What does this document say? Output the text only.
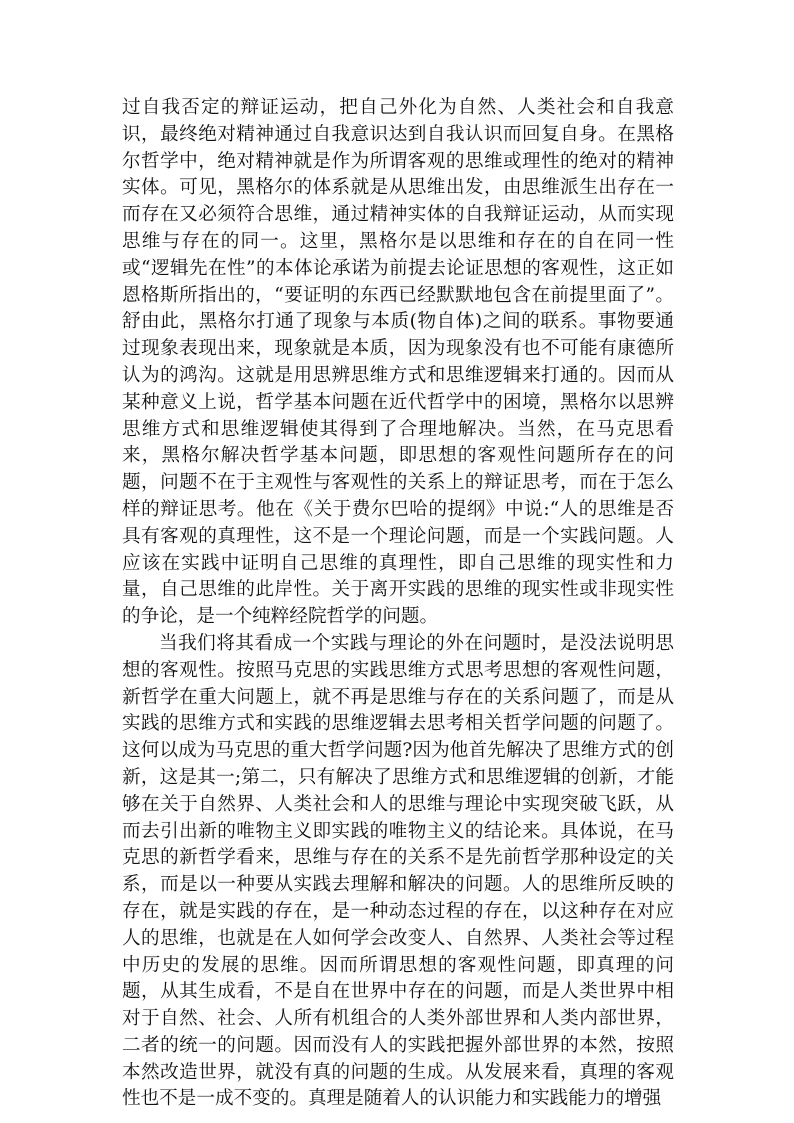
过自我否定的辩证运动，把自己外化为自然、人类社会和自我意识，最终绝对精神通过自我意识达到自我认识而回复自身。在黑格尔哲学中，绝对精神就是作为所谓客观的思维或理性的绝对的精神实体。可见，黑格尔的体系就是从思维出发，由思维派生出存在一而存在又必须符合思维，通过精神实体的自我辩证运动，从而实现思维与存在的同一。这里，黑格尔是以思维和存在的自在同一性或“逻辑先在性”的本体论承诺为前提去论证思想的客观性，这正如恩格斯所指出的，“要证明的东西已经默默地包含在前提里面了”。舒由此，黑格尔打通了现象与本质(物自体)之间的联系。事物要通过现象表现出来，现象就是本质，因为现象没有也不可能有康德所认为的鸿沟。这就是用思辨思维方式和思维逻辑来打通的。因而从某种意义上说，哲学基本问题在近代哲学中的困境，黑格尔以思辨思维方式和思维逻辑使其得到了合理地解决。当然，在马克思看来，黑格尔解决哲学基本问题，即思想的客观性问题所存在的问题，问题不在于主观性与客观性的关系上的辩证思考，而在于怎么样的辩证思考。他在《关于费尔巴哈的提纲》中说:“人的思维是否具有客观的真理性，这不是一个理论问题，而是一个实践问题。人应该在实践中证明自己思维的真理性，即自己思维的现实性和力量，自己思维的此岸性。关于离开实践的思维的现实性或非现实性的争论，是一个纯粹经院哲学的问题。

当我们将其看成一个实践与理论的外在问题时，是没法说明思想的客观性。按照马克思的实践思维方式思考思想的客观性问题，新哲学在重大问题上，就不再是思维与存在的关系问题了，而是从实践的思维方式和实践的思维逻辑去思考相关哲学问题的问题了。这何以成为马克思的重大哲学问题?因为他首先解决了思维方式的创新，这是其一;第二，只有解决了思维方式和思维逻辑的创新，才能够在关于自然界、人类社会和人的思维与理论中实现突破飞跃，从而去引出新的唯物主义即实践的唯物主义的结论来。具体说，在马克思的新哲学看来，思维与存在的关系不是先前哲学那种设定的关系，而是以一种要从实践去理解和解决的问题。人的思维所反映的存在，就是实践的存在，是一种动态过程的存在，以这种存在对应人的思维，也就是在人如何学会改变人、自然界、人类社会等过程中历史的发展的思维。因而所谓思想的客观性问题，即真理的问题，从其生成看，不是自在世界中存在的问题，而是人类世界中相对于自然、社会、人所有机组合的人类外部世界和人类内部世界，二者的统一的问题。因而没有人的实践把握外部世界的本然，按照本然改造世界，就没有真的问题的生成。从发展来看，真理的客观性也不是一成不变的。真理是随着人的认识能力和实践能力的增强
